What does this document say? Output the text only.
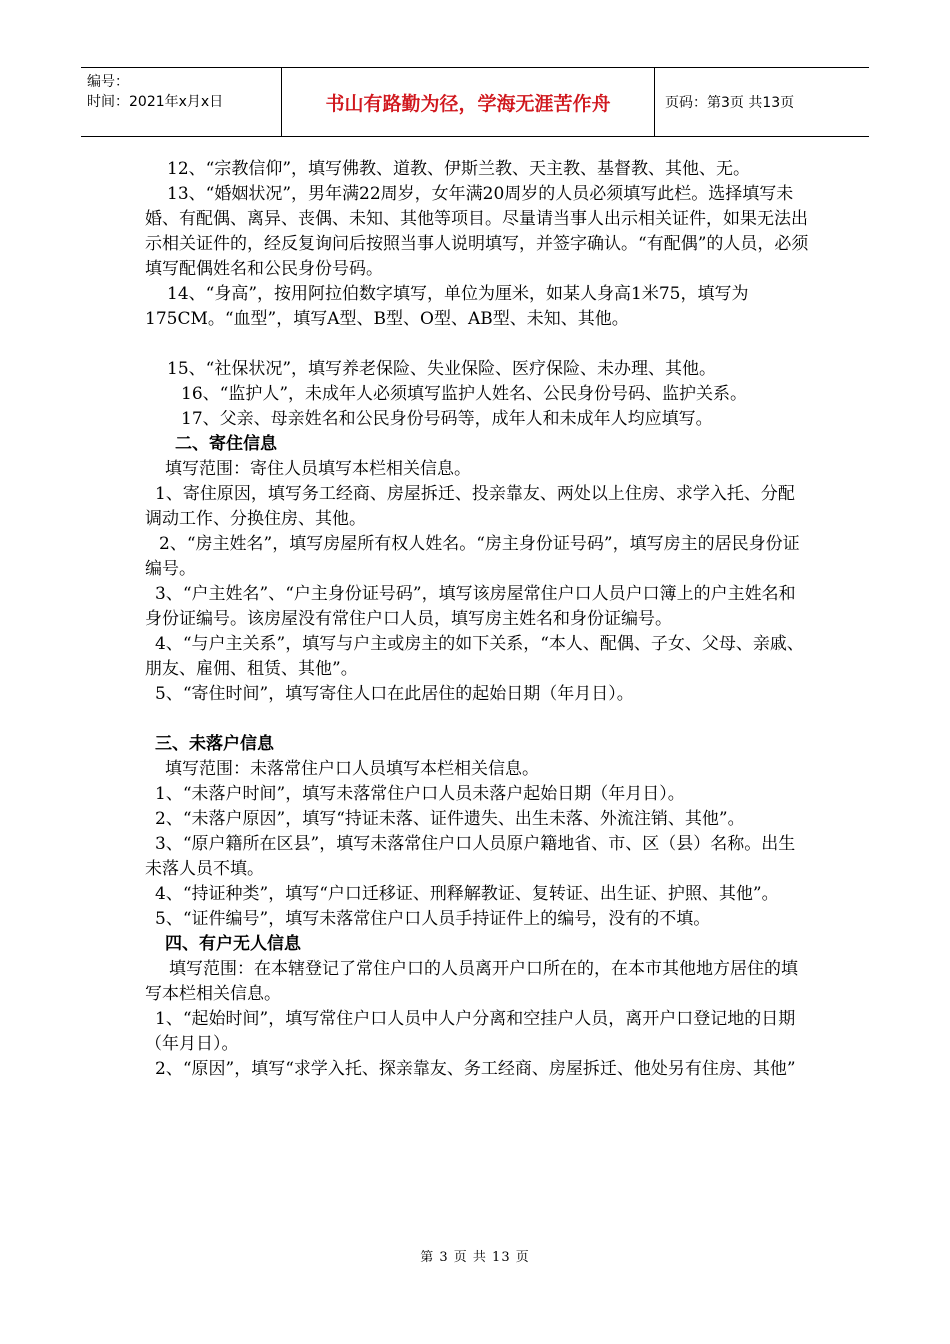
编号：
时间：2021年x月x日	书山有路勤为径，学海无涯苦作舟	页码：第3页 共13页

12、“宗教信仰”，填写佛教、道教、伊斯兰教、天主教、基督教、其他、无。

13、“婚姻状况”，男年满22周岁，女年满20周岁的人员必须填写此栏。选择填写未婚、有配偶、离异、丧偶、未知、其他等项目。尽量请当事人出示相关证件，如果无法出示相关证件的，经反复询问后按照当事人说明填写，并签字确认。“有配偶”的人员，必须填写配偶姓名和公民身份号码。

14、“身高”，按用阿拉伯数字填写，单位为厘米，如某人身高1米75，填写为175CM。“血型”，填写A型、B型、O型、AB型、未知、其他。

15、“社保状况”，填写养老保险、失业保险、医疗保险、未办理、其他。

16、“监护人”，未成年人必须填写监护人姓名、公民身份号码、监护关系。

17、父亲、母亲姓名和公民身份号码等，成年人和未成年人均应填写。

二、寄住信息

填写范围：寄住人员填写本栏相关信息。

1、寄住原因，填写务工经商、房屋拆迁、投亲靠友、两处以上住房、求学入托、分配调动工作、分换住房、其他。

2、“房主姓名”，填写房屋所有权人姓名。“房主身份证号码”，填写房主的居民身份证编号。

3、“户主姓名”、“户主身份证号码”，填写该房屋常住户口人员户口簿上的户主姓名和身份证编号。该房屋没有常住户口人员，填写房主姓名和身份证编号。

4、“与户主关系”，填写与户主或房主的如下关系，“本人、配偶、子女、父母、亲戚、朋友、雇佣、租赁、其他”。

5、“寄住时间”，填写寄住人口在此居住的起始日期（年月日）。

三、未落户信息

填写范围：未落常住户口人员填写本栏相关信息。

1、“未落户时间”，填写未落常住户口人员未落户起始日期（年月日）。

2、“未落户原因”，填写“持证未落、证件遗失、出生未落、外流注销、其他”。

3、“原户籍所在区县”，填写未落常住户口人员原户籍地省、市、区（县）名称。出生未落人员不填。

4、“持证种类”，填写“户口迁移证、刑释解教证、复转证、出生证、护照、其他”。

5、“证件编号”，填写未落常住户口人员手持证件上的编号，没有的不填。

四、有户无人信息

填写范围：在本辖登记了常住户口的人员离开户口所在的，在本市其他地方居住的填写本栏相关信息。

1、“起始时间”，填写常住户口人员中人户分离和空挂户人员，离开户口登记地的日期（年月日）。

2、“原因”，填写“求学入托、探亲靠友、务工经商、房屋拆迁、他处另有住房、其他”

第 3 页 共 13 页
